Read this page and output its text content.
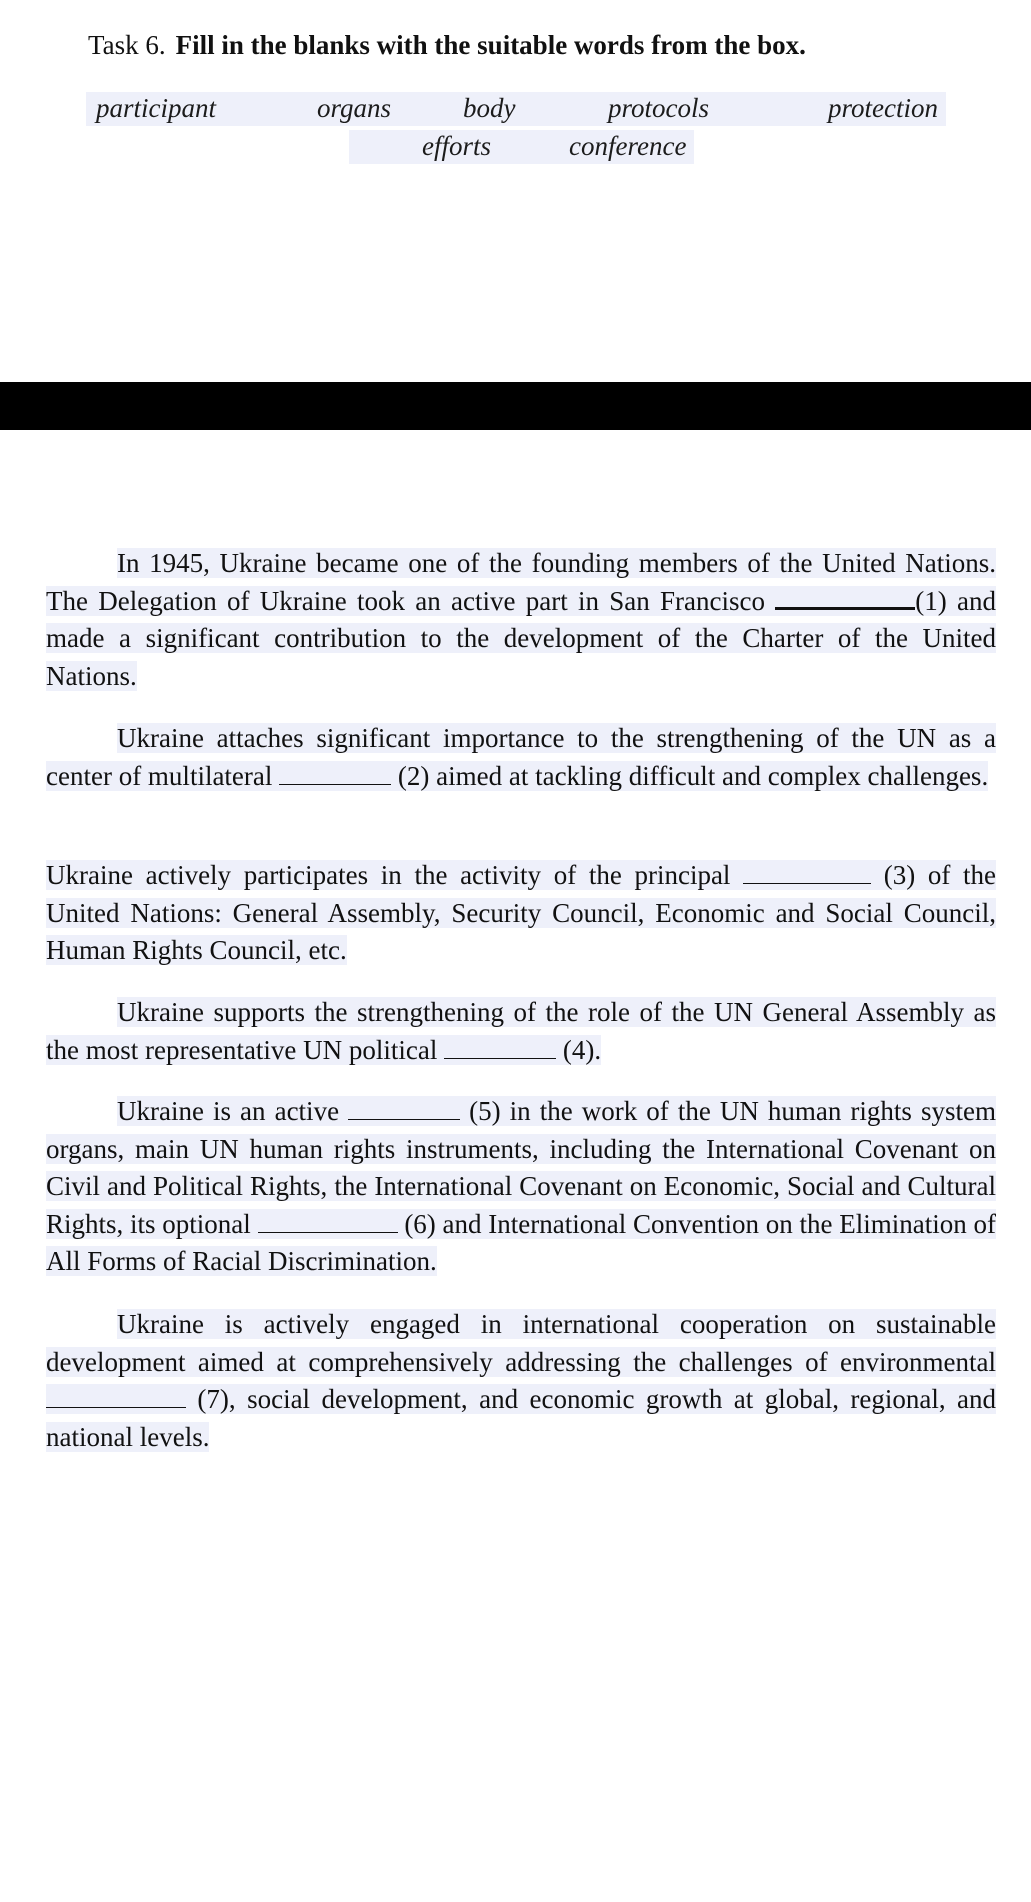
Task 6. Fill in the blanks with the suitable words from the box.
participant	organs	body	protocols	protection
efforts	conference
In 1945, Ukraine became one of the founding members of the United Nations. The Delegation of Ukraine took an active part in San Francisco	(1) and made a significant contribution to the development of the Charter of the United Nations.
Ukraine attaches significant importance to the strengthening of the UN as a center of multilateral	(2) aimed at tackling difficult and complex challenges.
Ukraine actively participates in the activity of the principal	(3) of the United Nations: General Assembly, Security Council, Economic and Social Council, Human Rights Council, etc.
Ukraine supports the strengthening of the role of the UN General Assembly as the most representative UN political	(4).
Ukraine is an active	(5) in the work of the UN human rights system organs, main UN human rights instruments, including the International Covenant on Civil and Political Rights, the International Covenant on Economic, Social and Cultural Rights, its optional	(6) and International Convention on the Elimination of All Forms of Racial Discrimination.
Ukraine is actively engaged in international cooperation on sustainable development aimed at comprehensively addressing the challenges of environmental  (7), social development, and economic growth at global, regional, and national levels.
